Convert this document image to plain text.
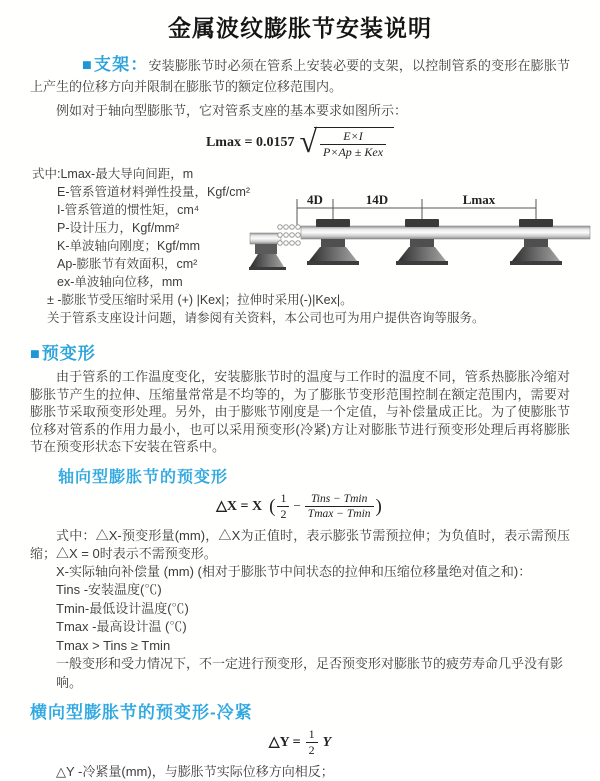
金属波纹膨胀节安装说明

■支架：安装膨胀节时必须在管系上安装必要的支架，以控制管系的变形在膨胀节上产生的位移方向并限制在膨胀节的额定位移范围内。

例如对于轴向型膨胀节，它对管系支座的基本要求如图所示：

Lmax = 0.0157 √ $\frac{E\times I}{\text{P×Ap ± Kex}}$
式中:Lmax-最大导向间距，m
E-管系管道材料弹性投量，Kgf/cm²
I-管系管道的惯性矩，cm⁴
P-设计压力，Kgf/mm²
K-单波轴向刚度；Kgf/mm
Ap-膨胀节有效面积，cm²
ex-单波轴向位移，mm
± -膨胀节受压缩时采用 (+) |Kex|；拉伸时采用(-)|Kex|。
关于管系支座设计问题，请参阅有关资料，本公司也可为用户提供咨询等服务。
4D	14D	Lmax
■预变形

由于管系的工作温度变化，安装膨胀节时的温度与工作时的温度不同，管系热膨胀冷缩对膨胀节产生的拉伸、压缩量常常是不均等的，为了膨胀节变形范围控制在额定范围内，需要对膨胀节采取预变形处理。另外，由于膨账节刚度是一个定值，与补偿量成正比。为了使膨胀节位移对管系的作用力最小，也可以采用预变形(冷紧)方让对膨胀节进行预变形处理后再将膨胀节在预变形状态下安装在管系中。

轴向型膨胀节的预变形
△X = X ( $\frac{1}{2} - \frac{\text{Tins − Tmin}}{Tmax - Tmin}$ )

式中：△X-预变形量(mm)，△X为正值时，表示膨张节需预拉伸；为负值时，表示需预压缩；△X = 0时表示不需预变形。

X-实际轴向补偿量 (mm) (相对于膨胀节中间状态的拉伸和压缩位移量绝对值之和)：
Tins -安装温度(℃)
Tmin-最低设计温度(℃)
Tmax -最高设计温 (℃)
Tmax > Tins ≥ Tmin
一般变形和受力情况下，不一定进行预变形，足否预变形对膨胀节的疲劳寿命几乎没有影响。
横向型膨胀节的预变形-冷紧
△Y = $\frac{1}{2}$ Y
△Y -冷紧量(mm)，与膨胀节实际位移方向相反；
